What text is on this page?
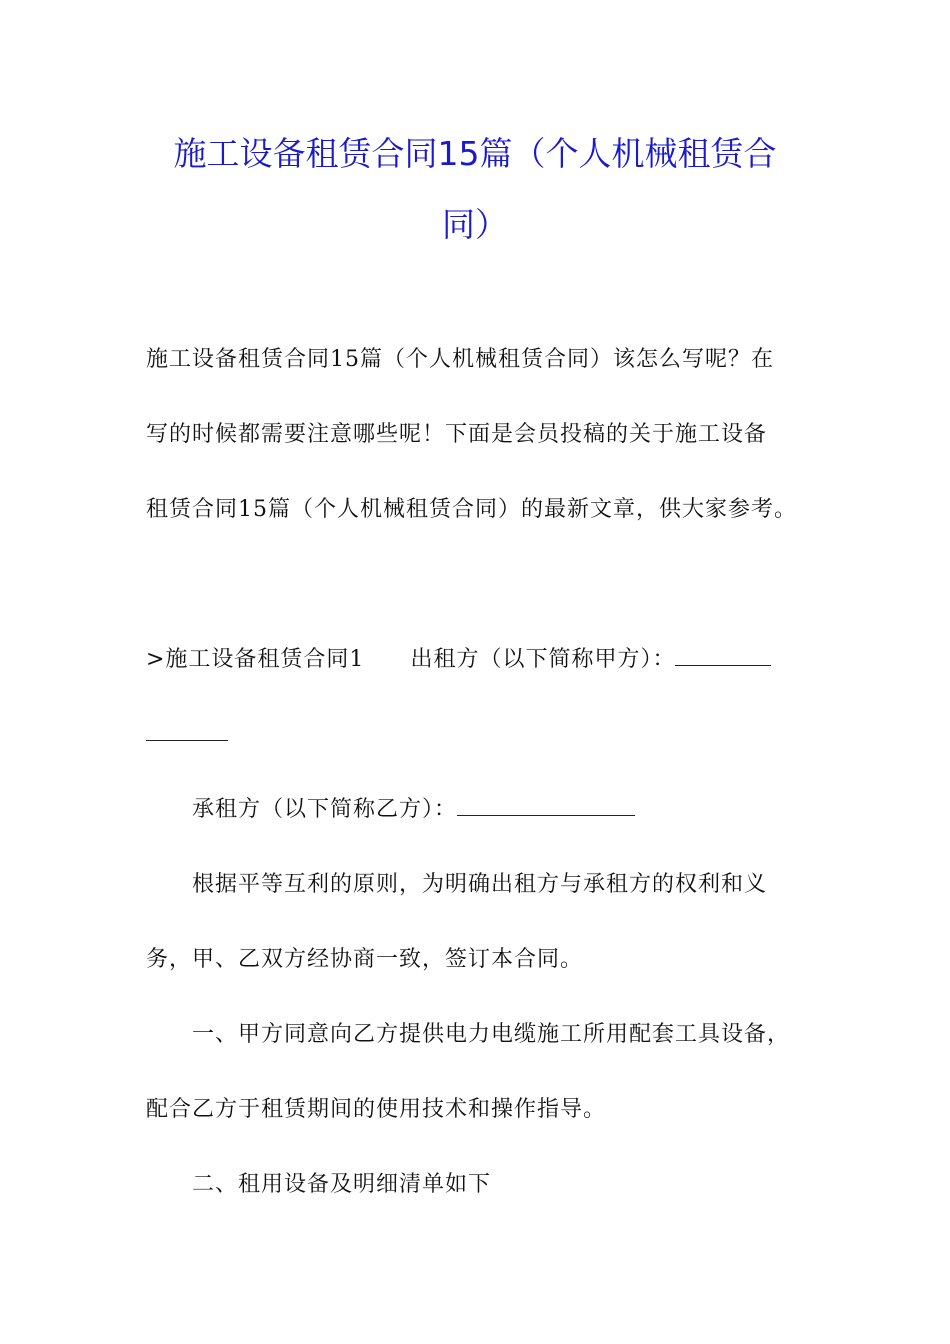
施工设备租赁合同15篇（个人机械租赁合
同）

施工设备租赁合同15篇（个人机械租赁合同）该怎么写呢？在

写的时候都需要注意哪些呢！下面是会员投稿的关于施工设备

租赁合同15篇（个人机械租赁合同）的最新文章，供大家参考。

>施工设备租赁合同1 出租方（以下简称甲方）：

承租方（以下简称乙方）：

根据平等互利的原则，为明确出租方与承租方的权利和义

务，甲、乙双方经协商一致，签订本合同。

一、甲方同意向乙方提供电力电缆施工所用配套工具设备，

配合乙方于租赁期间的使用技术和操作指导。

二、租用设备及明细清单如下
